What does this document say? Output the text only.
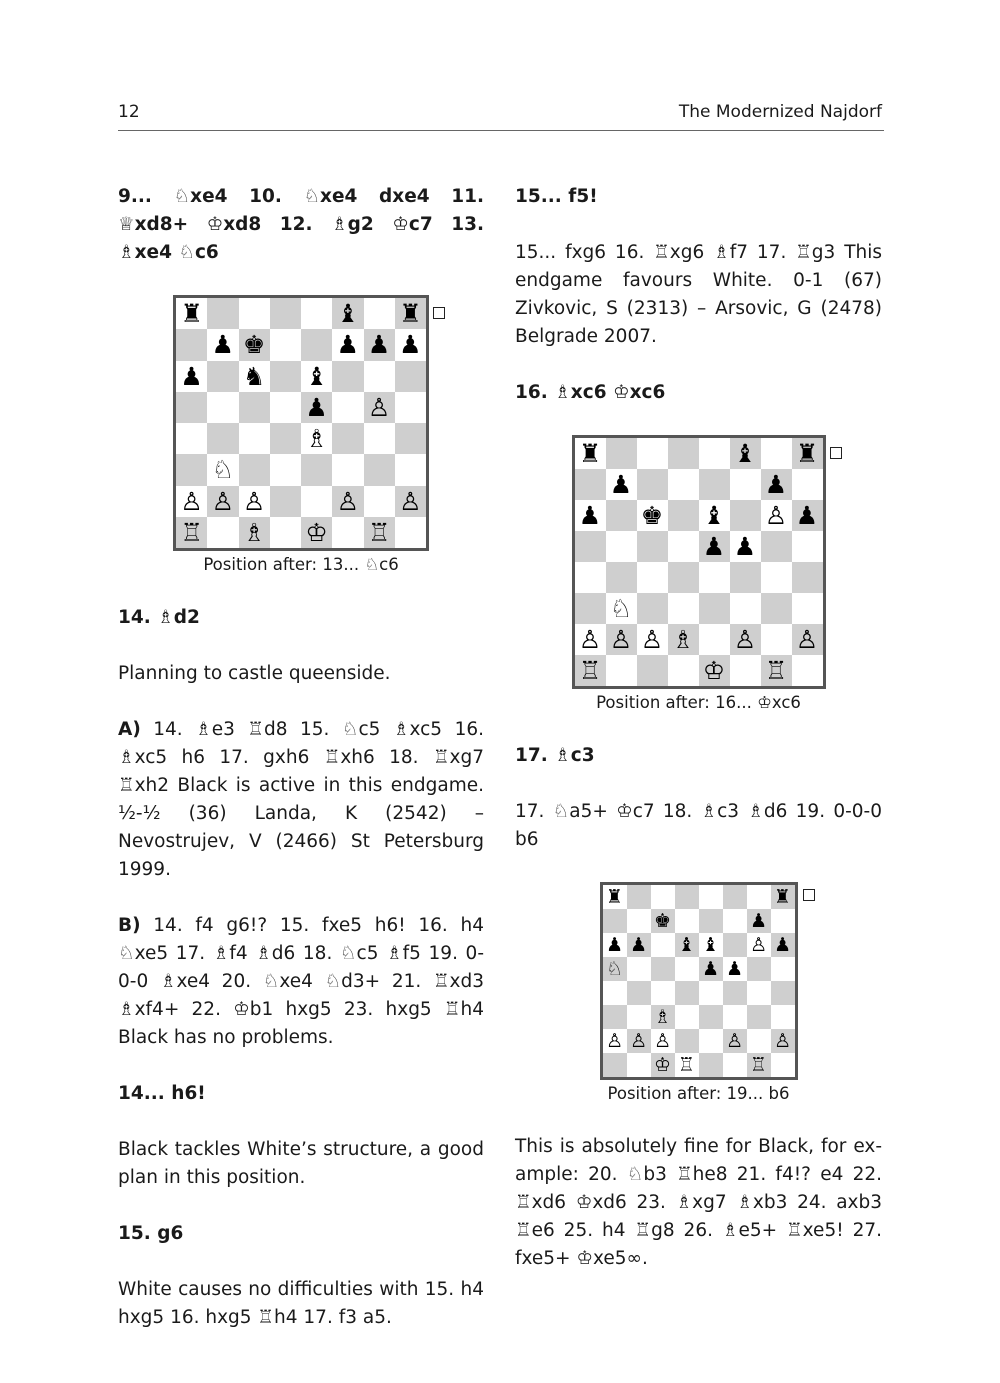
12	The Modernized Najdorf

9... ♘xe4 10. ♘xe4 dxe4 11. ♕xd8+ ♔xd8 12. ♗g2 ♔c7 13. ♗xe4 ♘c6

♜	♝ ♜
♟ ♚	♟ ♟ ♟
♟ ♞ ♝
♟ ♙
♗
♘
♙ ♙ ♙	♙ ♙
♖ ♗ ♔ ♖
Position after: 13... ♘c6

14. ♗d2

Planning to castle queenside.

A) 14. ♗e3 ♖d8 15. ♘c5 ♗xc5 16. ♗xc5 h6 17. gxh6 ♖xh6 18. ♖xg7 ♖xh2 Black is active in this endgame. ½-½ (36) Landa, K (2542) – Nevostrujev, V (2466) St Petersburg 1999.

B) 14. f4 g6!? 15. fxe5 h6! 16. h4 ♘xe5 17. ♗f4 ♗d6 18. ♘c5 ♗f5 19. 0-0-0 ♗xe4 20. ♘xe4 ♘d3+ 21. ♖xd3 ♗xf4+ 22. ♔b1 hxg5 23. hxg5 ♖h4 Black has no problems.

14... h6!

Black tackles White’s structure, a good plan in this position.

15. g6

White causes no difficulties with 15. h4 hxg5 16. hxg5 ♖h4 17. f3 a5.

15... f5!

15... fxg6 16. ♖xg6 ♗f7 17. ♖g3 This endgame favours White. 0-1 (67) Zivkovic, S (2313) – Arsovic, G (2478) Belgrade 2007.

16. ♗xc6 ♔xc6

♜	♝ ♜
♟	♟
♟ ♚ ♝ ♙ ♟
♟ ♟
♘
♙ ♙ ♙ ♗ ♙ ♙
♖	♔ ♖
Position after: 16... ♔xc6

17. ♗c3

17. ♘a5+ ♔c7 18. ♗c3 ♗d6 19. 0-0-0 b6

♜	♜
♚	♟
♟ ♟ ♝ ♝ ♙ ♟
♘	♟ ♟
♗
♙ ♙ ♙	♙ ♙
♔ ♖	♖
Position after: 19... b6

This is absolutely fine for Black, for ex-ample: 20. ♘b3 ♖he8 21. f4!? e4 22. ♖xd6 ♔xd6 23. ♗xg7 ♗xb3 24. axb3 ♖e6 25. h4 ♖g8 26. ♗e5+ ♖xe5! 27. fxe5+ ♔xe5∞.
